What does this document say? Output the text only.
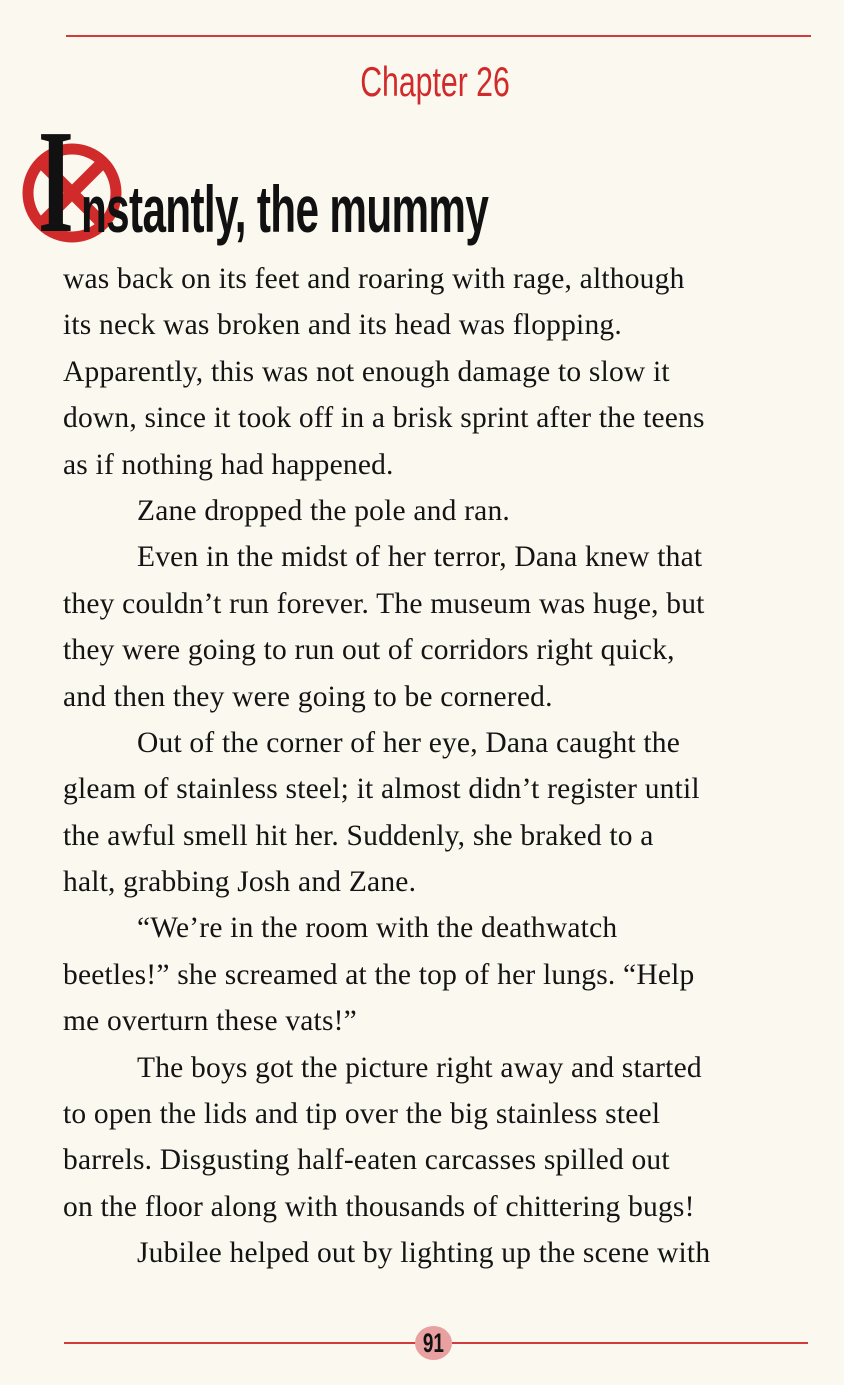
Chapter 26
I nstantly, the mummy
was back on its feet and roaring with rage, although
its neck was broken and its head was flopping.
Apparently, this was not enough damage to slow it
down, since it took off in a brisk sprint after the teens
as if nothing had happened.
Zane dropped the pole and ran.
Even in the midst of her terror, Dana knew that
they couldn’t run forever. The museum was huge, but
they were going to run out of corridors right quick,
and then they were going to be cornered.
Out of the corner of her eye, Dana caught the
gleam of stainless steel; it almost didn’t register until
the awful smell hit her. Suddenly, she braked to a
halt, grabbing Josh and Zane.
“We’re in the room with the deathwatch
beetles!” she screamed at the top of her lungs. “Help
me overturn these vats!”
The boys got the picture right away and started
to open the lids and tip over the big stainless steel
barrels. Disgusting half-eaten carcasses spilled out
on the floor along with thousands of chittering bugs!
Jubilee helped out by lighting up the scene with
91
